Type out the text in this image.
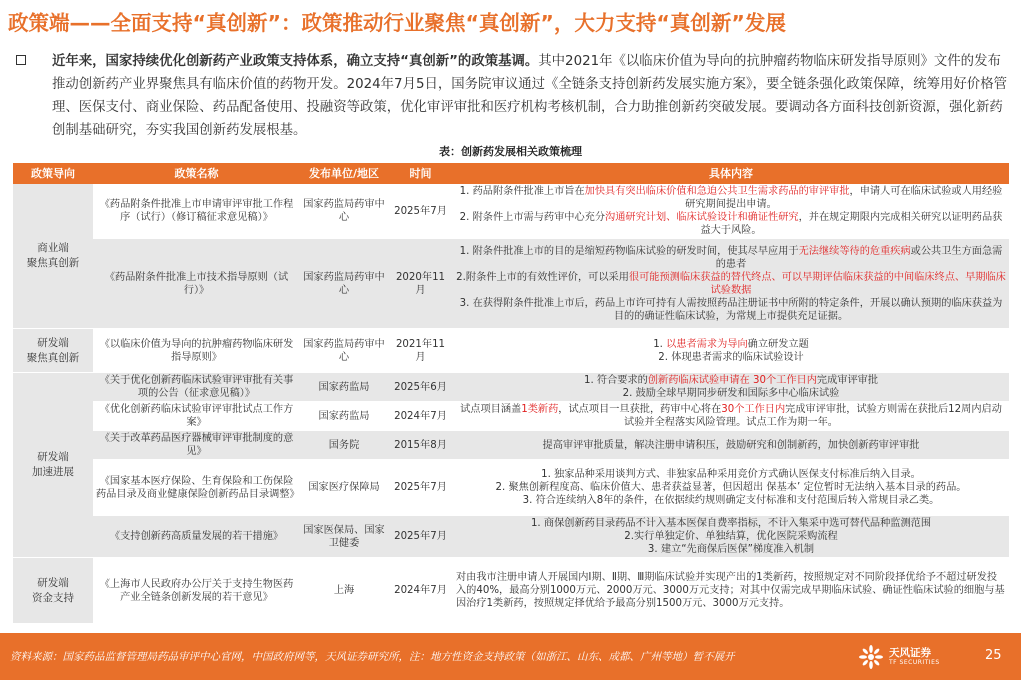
政策端——全面支持“真创新”：政策推动行业聚焦“真创新”，大力支持“真创新”发展
近年来，国家持续优化创新药产业政策支持体系，确立支持“真创新”的政策基调。其中2021年《以临床价值为导向的抗肿瘤药物临床研发指导原则》文件的发布推动创新药产业界聚焦具有临床价值的药物开发。2024年7月5日，国务院审议通过《全链条支持创新药发展实施方案》，要全链条强化政策保障，统筹用好价格管理、医保支付、商业保险、药品配备使用、投融资等政策，优化审评审批和医疗机构考核机制，合力助推创新药突破发展。要调动各方面科技创新资源，强化新药创制基础研究，夯实我国创新药发展根基。
表：创新药发展相关政策梳理
政策导向	政策名称	发布单位/地区	时间	具体内容
商业端
聚焦真创新	《药品附条件批准上市申请审评审批工作程序（试行）（修订稿征求意见稿）》	国家药监局药审中心	2025年7月	1. 药品附条件批准上市旨在加快具有突出临床价值和急迫公共卫生需求药品的审评审批，申请人可在临床试验或人用经验研究期间提出申请。
2. 附条件上市需与药审中心充分沟通研究计划、临床试验设计和确证性研究，并在规定期限内完成相关研究以证明药品获益大于风险。

	《药品附条件批准上市技术指导原则（试行）》	国家药监局药审中心	2020年11月	1. 附条件批准上市的目的是缩短药物临床试验的研发时间，使其尽早应用于无法继续等待的危重疾病或公共卫生方面急需的患者
2.附条件上市的有效性评价，可以采用很可能预测临床获益的替代终点、可以早期评估临床获益的中间临床终点、早期临床试验数据
3. 在获得附条件批准上市后，药品上市许可持有人需按照药品注册证书中所附的特定条件，开展以确认预期的临床获益为目的的确证性临床试验，为常规上市提供充足证据。

研发端
聚焦真创新	《以临床价值为导向的抗肿瘤药物临床研发指导原则》	国家药监局药审中心	2021年11月	1. 以患者需求为导向确立研发立题
2. 体现患者需求的临床试验设计

研发端
加速进展	《关于优化创新药临床试验审评审批有关事项的公告（征求意见稿）》	国家药监局	2025年6月	1. 符合要求的创新药临床试验申请在 30个工作日内完成审评审批
2. 鼓励全球早期同步研发和国际多中心临床试验

	《优化创新药临床试验审评审批试点工作方案》	国家药监局	2024年7月	试点项目涵盖1类新药，试点项目一旦获批，药审中心将在30个工作日内完成审评审批，试验方则需在获批后12周内启动试验并全程落实风险管理。试点工作为期一年。

	《关于改革药品医疗器械审评审批制度的意见》	国务院	2015年8月	提高审评审批质量，解决注册申请积压，鼓励研究和创制新药，加快创新药审评审批

	《国家基本医疗保险、生育保险和工伤保险药品目录及商业健康保险创新药品目录调整》	国家医疗保障局	2025年7月	1. 独家品种采用谈判方式、非独家品种采用竞价方式确认医保支付标准后纳入目录。
2. 聚焦创新程度高、临床价值大、患者获益显著，但因超出 保基本’ 定位暂时无法纳入基本目录的药品。
3. 符合连续纳入8年的条件，在依据续约规则确定支付标准和支付范围后转入常规目录乙类。

	《支持创新药高质量发展的若干措施》	国家医保局、国家卫健委	2025年7月	1. 商保创新药目录药品不计入基本医保自费率指标，不计入集采中选可替代品种监测范围
2.实行单独定价、单独结算，优化医院采购流程
3. 建立“先商保后医保”梯度准入机制

研发端
资金支持	《上海市人民政府办公厅关于支持生物医药产业全链条创新发展的若干意见》	上海	2024年7月	对由我市注册申请人开展国内Ⅰ期、Ⅱ期、Ⅲ期临床试验并实现产出的1类新药，按照规定对不同阶段择优给予不超过研发投入的40%，最高分别1000万元、2000万元、3000万元支持；对其中仅需完成早期临床试验、确证性临床试验的细胞与基因治疗1类新药，按照规定择优给予最高分别1500万元、3000万元支持。
资料来源：国家药品监督管理局药品审评中心官网，中国政府网等，天风证券研究所，注：地方性资金支持政策（如浙江、山东、成都、广州等地）暂不展开	天风证券
TF SECURITIES	25
